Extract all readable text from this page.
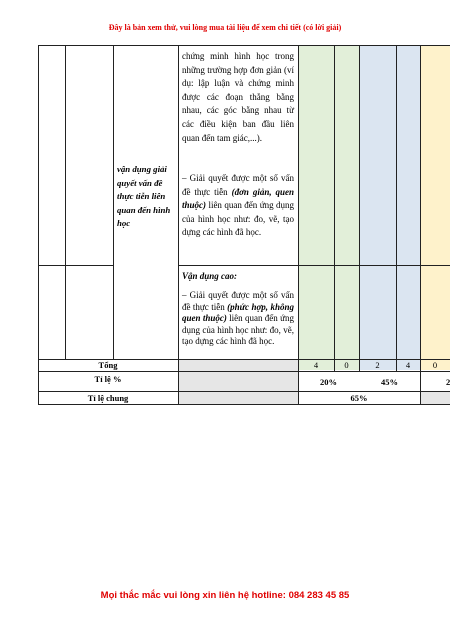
Đây là bản xem thử, vui lòng mua tài liệu để xem chi tiết (có lời giải)
vận dụng giải quyết vấn đề thực tiễn liên quan đến hình học
chứng minh hình học trong những trường hợp đơn giản (ví dụ: lập luận và chứng minh được các đoạn thẳng bằng nhau, các góc bằng nhau từ các điều kiện ban đầu liên quan đến tam giác,...).
– Giải quyết được một số vấn đề thực tiễn (đơn giản, quen thuộc) liên quan đến ứng dụng của hình học như: đo, vẽ, tạo dựng các hình đã học.
Vận dụng cao:
– Giải quyết được một số vấn đề thực tiễn (phức hợp, không quen thuộc) liên quan đến ứng dụng của hình học như: đo, vẽ, tạo dựng các hình đã học.
Tổng	4	0	2	4	0
Tỉ lệ %	20%	45%	2
Tỉ lệ chung	65%
Mọi thắc mắc vui lòng xin liên hệ hotline: 084 283 45 85
